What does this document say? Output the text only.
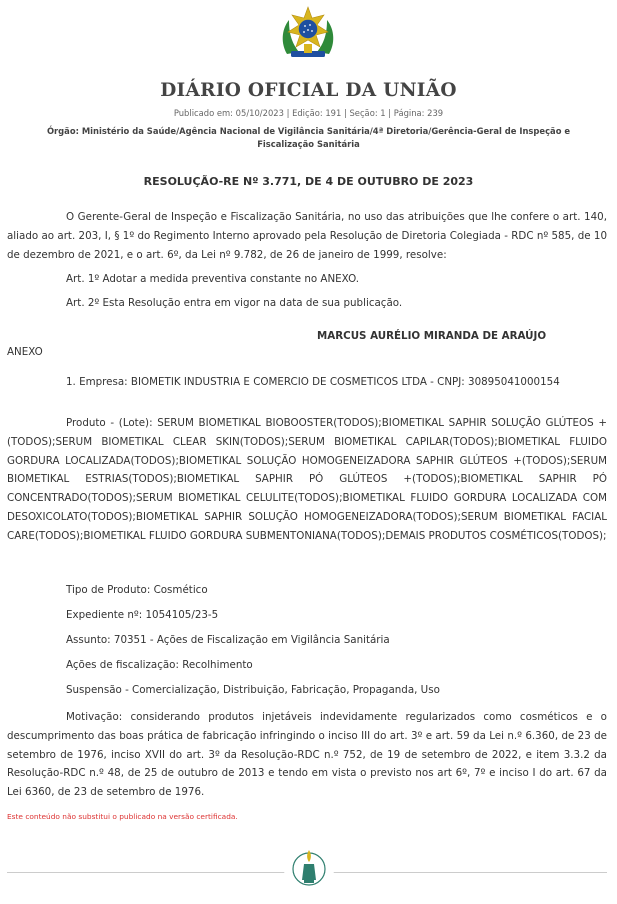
DIÁRIO OFICIAL DA UNIÃO
Publicado em: 05/10/2023 | Edição: 191 | Seção: 1 | Página: 239
Órgão: Ministério da Saúde/Agência Nacional de Vigilância Sanitária/4ª Diretoria/Gerência-Geral de Inspeção e Fiscalização Sanitária
RESOLUÇÃO-RE Nº 3.771, DE 4 DE OUTUBRO DE 2023
O Gerente-Geral de Inspeção e Fiscalização Sanitária, no uso das atribuições que lhe confere o art. 140, aliado ao art. 203, I, § 1º do Regimento Interno aprovado pela Resolução de Diretoria Colegiada - RDC nº 585, de 10 de dezembro de 2021, e o art. 6º, da Lei nº 9.782, de 26 de janeiro de 1999, resolve:
Art. 1º Adotar a medida preventiva constante no ANEXO.
Art. 2º Esta Resolução entra em vigor na data de sua publicação.
MARCUS AURÉLIO MIRANDA DE ARAÚJO
ANEXO
1. Empresa: BIOMETIK INDUSTRIA E COMERCIO DE COSMETICOS LTDA - CNPJ: 30895041000154
Produto - (Lote): SERUM BIOMETIKAL BIOBOOSTER(TODOS);BIOMETIKAL SAPHIR SOLUÇÃO GLÚTEOS +(TODOS);SERUM BIOMETIKAL CLEAR SKIN(TODOS);SERUM BIOMETIKAL CAPILAR(TODOS);BIOMETIKAL FLUIDO GORDURA LOCALIZADA(TODOS);BIOMETIKAL SOLUÇÃO HOMOGENEIZADORA SAPHIR GLÚTEOS +(TODOS);SERUM BIOMETIKAL ESTRIAS(TODOS);BIOMETIKAL SAPHIR PÓ GLÚTEOS +(TODOS);BIOMETIKAL SAPHIR PÓ CONCENTRADO(TODOS);SERUM BIOMETIKAL CELULITE(TODOS);BIOMETIKAL FLUIDO GORDURA LOCALIZADA COM DESOXICOLATO(TODOS);BIOMETIKAL SAPHIR SOLUÇÃO HOMOGENEIZADORA(TODOS);SERUM BIOMETIKAL FACIAL CARE(TODOS);BIOMETIKAL FLUIDO GORDURA SUBMENTONIANA(TODOS);DEMAIS PRODUTOS COSMÉTICOS(TODOS);
Tipo de Produto: Cosmético
Expediente nº: 1054105/23-5
Assunto: 70351 - Ações de Fiscalização em Vigilância Sanitária
Ações de fiscalização: Recolhimento
Suspensão - Comercialização, Distribuição, Fabricação, Propaganda, Uso
Motivação: considerando produtos injetáveis indevidamente regularizados como cosméticos e o descumprimento das boas prática de fabricação infringindo o inciso III do art. 3º e art. 59 da Lei n.º 6.360, de 23 de setembro de 1976, inciso XVII do art. 3º da Resolução-RDC n.º 752, de 19 de setembro de 2022, e item 3.3.2 da Resolução-RDC n.º 48, de 25 de outubro de 2013 e tendo em vista o previsto nos art 6º, 7º e inciso I do art. 67 da Lei 6360, de 23 de setembro de 1976.
Este conteúdo não substitui o publicado na versão certificada.
